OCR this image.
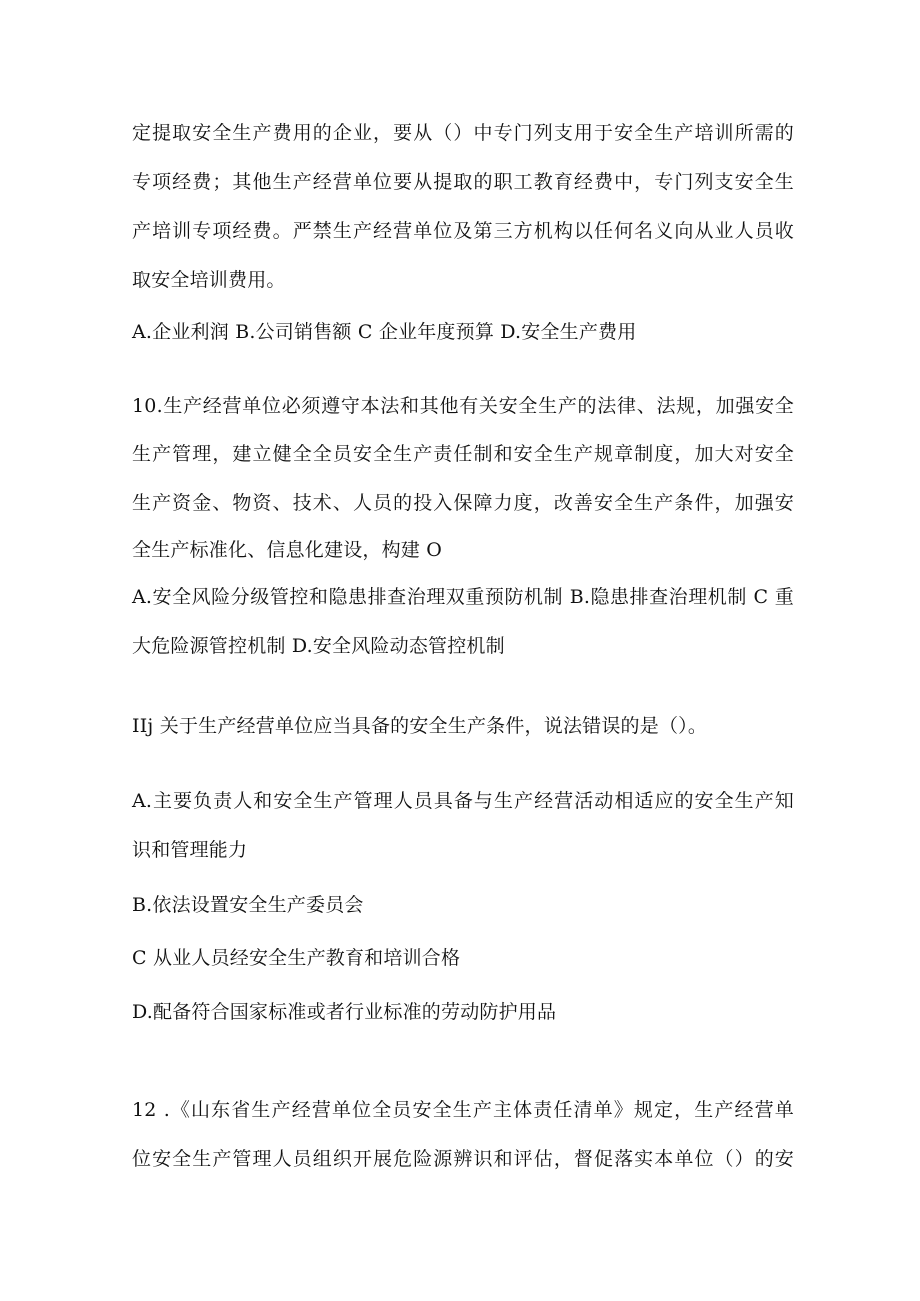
定提取安全生产费用的企业，要从（）中专门列支用于安全生产培训所需的
专项经费；其他生产经营单位要从提取的职工教育经费中，专门列支安全生
产培训专项经费。严禁生产经营单位及第三方机构以任何名义向从业人员收
取安全培训费用。
A.企业利润 B.公司销售额 C 企业年度预算 D.安全生产费用
10.生产经营单位必须遵守本法和其他有关安全生产的法律、法规，加强安全
生产管理，建立健全全员安全生产责任制和安全生产规章制度，加大对安全
生产资金、物资、技术、人员的投入保障力度，改善安全生产条件，加强安
全生产标准化、信息化建设，构建 O
A.安全风险分级管控和隐患排查治理双重预防机制 B.隐患排查治理机制 C 重
大危险源管控机制 D.安全风险动态管控机制
IIj 关于生产经营单位应当具备的安全生产条件，说法错误的是（）。
A.主要负责人和安全生产管理人员具备与生产经营活动相适应的安全生产知
识和管理能力
B.依法设置安全生产委员会
C 从业人员经安全生产教育和培训合格
D.配备符合国家标准或者行业标准的劳动防护用品
12 .《山东省生产经营单位全员安全生产主体责任清单》规定，生产经营单
位安全生产管理人员组织开展危险源辨识和评估，督促落实本单位（）的安
